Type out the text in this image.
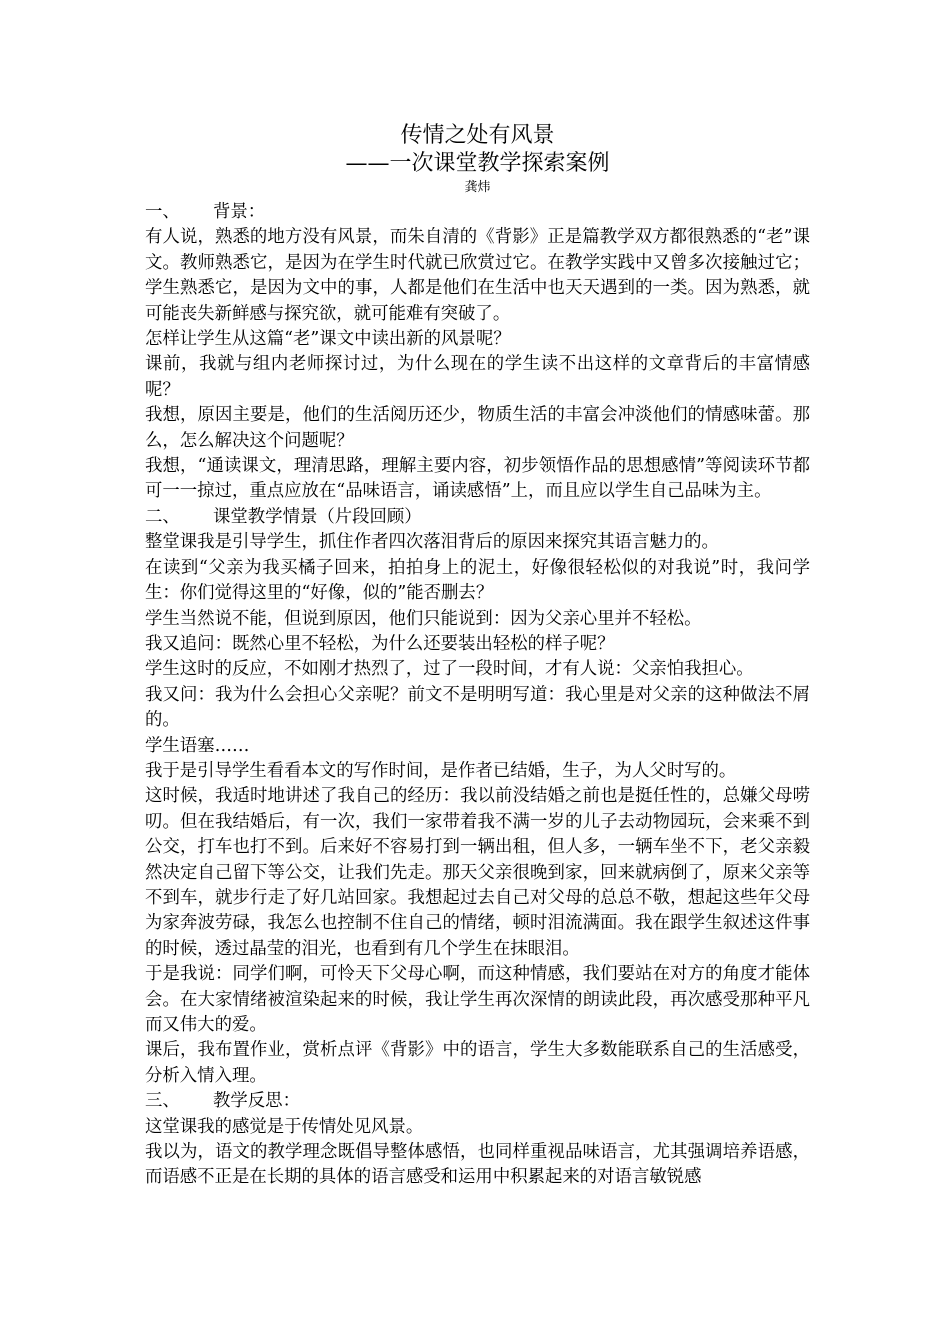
传情之处有风景
——一次课堂教学探索案例
龚炜
一、 背景：

有人说，熟悉的地方没有风景，而朱自清的《背影》正是篇教学双方都很熟悉的“老”课文。教师熟悉它，是因为在学生时代就已欣赏过它。在教学实践中又曾多次接触过它；学生熟悉它，是因为文中的事，人都是他们在生活中也天天遇到的一类。因为熟悉，就可能丧失新鲜感与探究欲，就可能难有突破了。

怎样让学生从这篇“老”课文中读出新的风景呢？

课前，我就与组内老师探讨过，为什么现在的学生读不出这样的文章背后的丰富情感呢？

我想，原因主要是，他们的生活阅历还少，物质生活的丰富会冲淡他们的情感味蕾。那么，怎么解决这个问题呢？

我想，“通读课文，理清思路，理解主要内容，初步领悟作品的思想感情”等阅读环节都可一一掠过，重点应放在“品味语言，诵读感悟”上，而且应以学生自己品味为主。

二、 课堂教学情景（片段回顾）

整堂课我是引导学生，抓住作者四次落泪背后的原因来探究其语言魅力的。

在读到“父亲为我买橘子回来，拍拍身上的泥土，好像很轻松似的对我说”时，我问学生：你们觉得这里的“好像，似的”能否删去？

学生当然说不能，但说到原因，他们只能说到：因为父亲心里并不轻松。

我又追问：既然心里不轻松，为什么还要装出轻松的样子呢？

学生这时的反应，不如刚才热烈了，过了一段时间，才有人说：父亲怕我担心。

我又问：我为什么会担心父亲呢？前文不是明明写道：我心里是对父亲的这种做法不屑的。

学生语塞……

我于是引导学生看看本文的写作时间，是作者已结婚，生子，为人父时写的。

这时候，我适时地讲述了我自己的经历：我以前没结婚之前也是挺任性的，总嫌父母唠叨。但在我结婚后，有一次，我们一家带着我不满一岁的儿子去动物园玩，会来乘不到公交，打车也打不到。后来好不容易打到一辆出租，但人多，一辆车坐不下，老父亲毅然决定自己留下等公交，让我们先走。那天父亲很晚到家，回来就病倒了，原来父亲等不到车，就步行走了好几站回家。我想起过去自己对父母的总总不敬，想起这些年父母为家奔波劳碌，我怎么也控制不住自己的情绪，顿时泪流满面。我在跟学生叙述这件事的时候，透过晶莹的泪光，也看到有几个学生在抹眼泪。

于是我说：同学们啊，可怜天下父母心啊，而这种情感，我们要站在对方的角度才能体会。在大家情绪被渲染起来的时候，我让学生再次深情的朗读此段，再次感受那种平凡而又伟大的爱。

课后，我布置作业，赏析点评《背影》中的语言，学生大多数能联系自己的生活感受，分析入情入理。

三、 教学反思：

这堂课我的感觉是于传情处见风景。

我以为，语文的教学理念既倡导整体感悟，也同样重视品味语言，尤其强调培养语感，而语感不正是在长期的具体的语言感受和运用中积累起来的对语言敏锐感
